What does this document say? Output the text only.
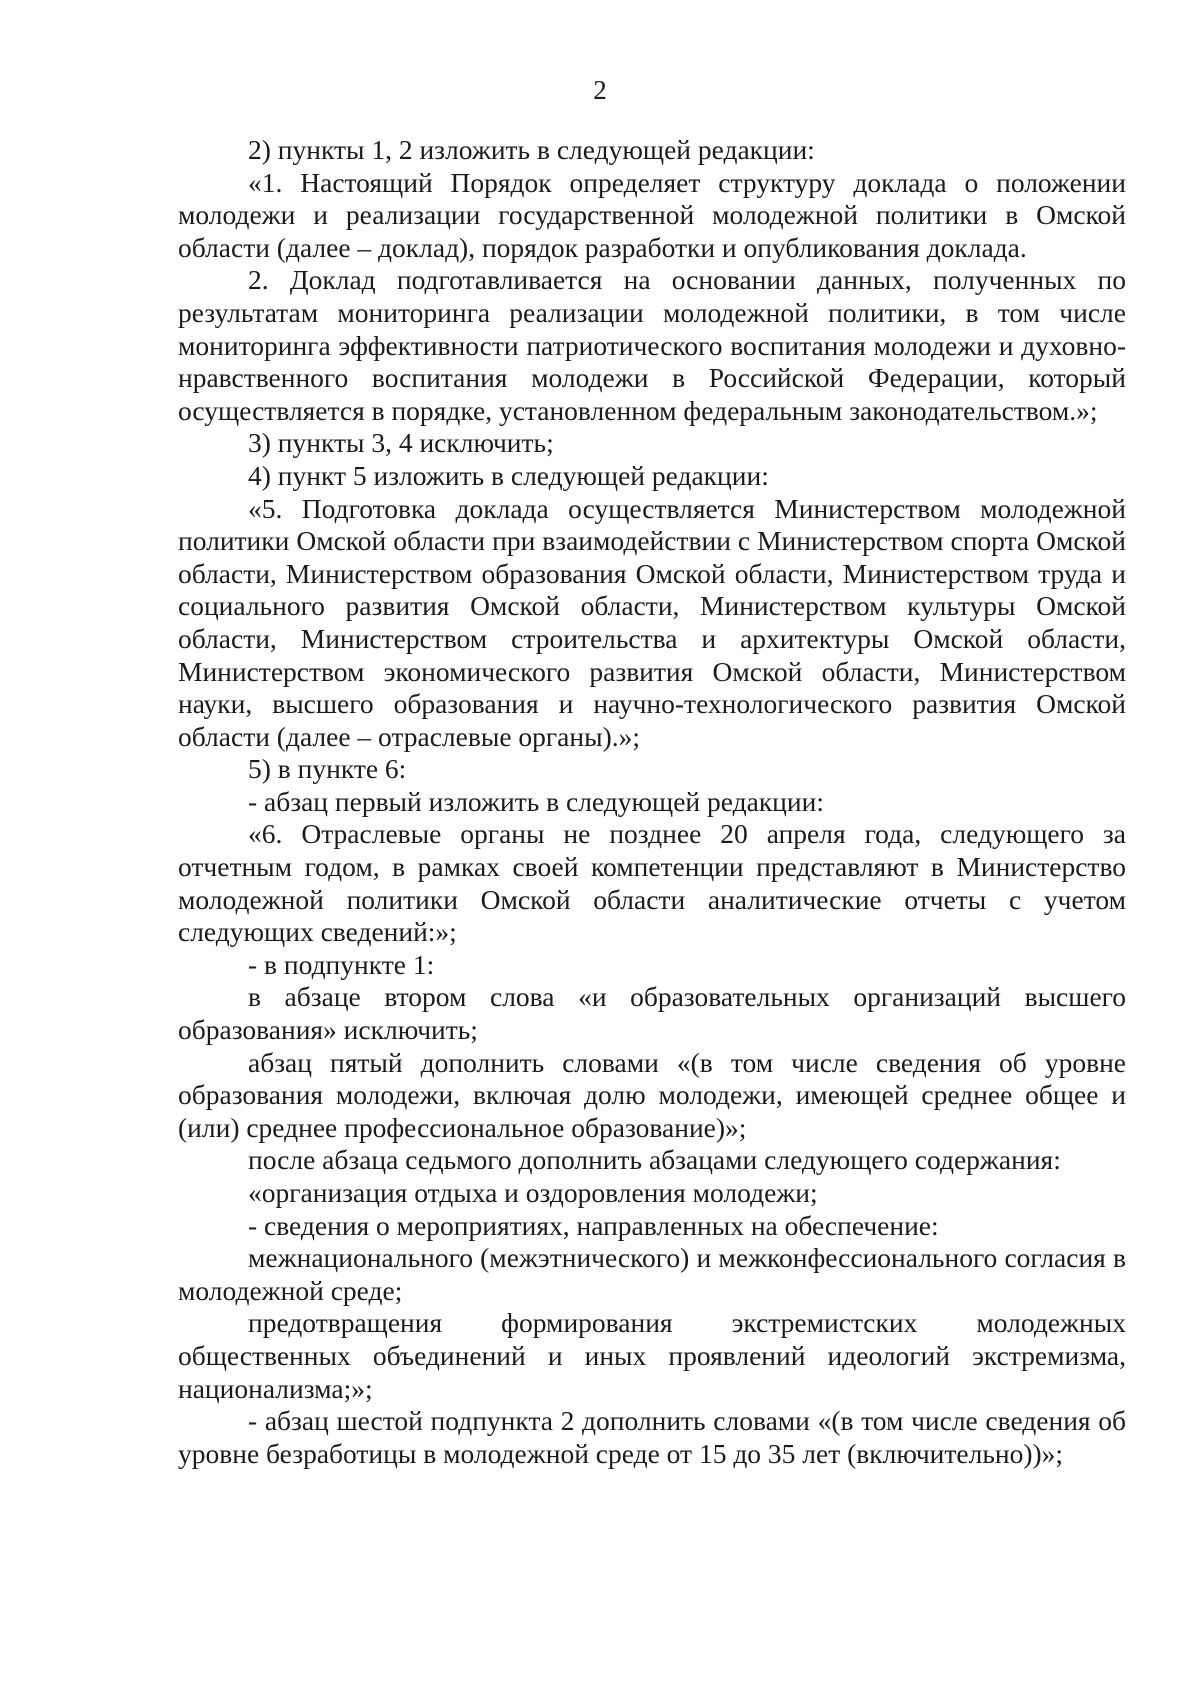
2

2) пункты 1, 2 изложить в следующей редакции:

«1. Настоящий Порядок определяет структуру доклада о положении молодежи и реализации государственной молодежной политики в Омской области (далее – доклад), порядок разработки и опубликования доклада.

2. Доклад подготавливается на основании данных, полученных по результатам мониторинга реализации молодежной политики, в том числе мониторинга эффективности патриотического воспитания молодежи и духовно-нравственного воспитания молодежи в Российской Федерации, который осуществляется в порядке, установленном федеральным законодательством.»;

3) пункты 3, 4 исключить;

4) пункт 5 изложить в следующей редакции:

«5. Подготовка доклада осуществляется Министерством молодежной политики Омской области при взаимодействии с Министерством спорта Омской области, Министерством образования Омской области, Министерством труда и социального развития Омской области, Министерством культуры Омской области, Министерством строительства и архитектуры Омской области, Министерством экономического развития Омской области, Министерством науки, высшего образования и научно-технологического развития Омской области (далее – отраслевые органы).»;

5) в пункте 6:

- абзац первый изложить в следующей редакции:

«6. Отраслевые органы не позднее 20 апреля года, следующего за отчетным годом, в рамках своей компетенции представляют в Министерство молодежной политики Омской области аналитические отчеты с учетом следующих сведений:»;

- в подпункте 1:

в абзаце втором слова «и образовательных организаций высшего образования» исключить;

абзац пятый дополнить словами «(в том числе сведения об уровне образования молодежи, включая долю молодежи, имеющей среднее общее и (или) среднее профессиональное образование)»;

после абзаца седьмого дополнить абзацами следующего содержания:

«организация отдыха и оздоровления молодежи;

- сведения о мероприятиях, направленных на обеспечение:

межнационального (межэтнического) и межконфессионального согласия в молодежной среде;

предотвращения формирования экстремистских молодежных общественных объединений и иных проявлений идеологий экстремизма, национализма;»;

- абзац шестой подпункта 2 дополнить словами «(в том числе сведения об уровне безработицы в молодежной среде от 15 до 35 лет (включительно))»;
